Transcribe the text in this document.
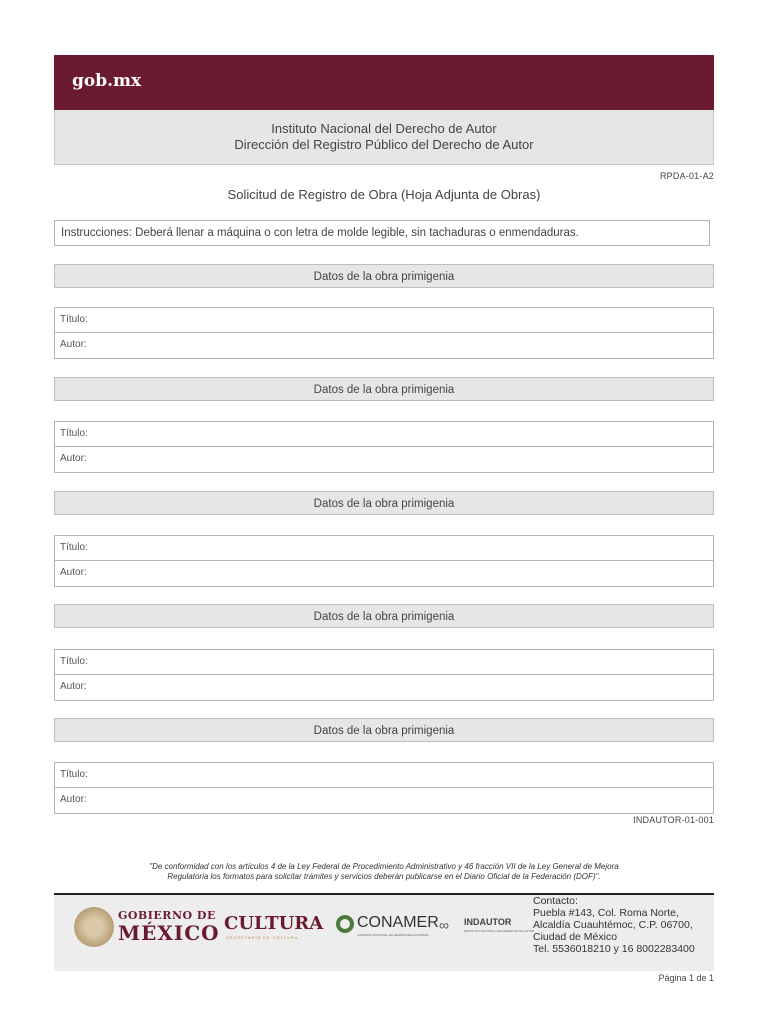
gob.mx
Instituto Nacional del Derecho de Autor
Dirección del Registro Público del Derecho de Autor
RPDA-01-A2
Solicitud de Registro de Obra (Hoja Adjunta de Obras)
Instrucciones: Deberá llenar a máquina o con letra de molde legible, sin tachaduras o enmendaduras.
Datos de la obra primigenia
Título:
Autor:
Datos de la obra primigenia
Título:
Autor:
Datos de la obra primigenia
Título:
Autor:
Datos de la obra primigenia
Título:
Autor:
Datos de la obra primigenia
Título:
Autor:
INDAUTOR-01-001
"De conformidad con los artículos 4 de la Ley Federal de Procedimiento Administrativo y 46 fracción VII de la Ley General de Mejora
Regulatoria los formatos para solicitar trámites y servicios deberán publicarse en el Diario Oficial de la Federación (DOF)".
GOBIERNO DE
MÉXICO CULTURA
SECRETARÍA DE CULTURA
CONAMER
COMISIÓN NACIONAL DE MEJORA REGULATORIA
∞ INDAUTOR
INSTITUTO NACIONAL DEL DERECHO DE AUTOR
Contacto:
Puebla #143, Col. Roma Norte,
Alcaldía Cuauhtémoc, C.P. 06700,
Ciudad de México
Tel. 5536018210 y 16 8002283400
Página 1 de 1
